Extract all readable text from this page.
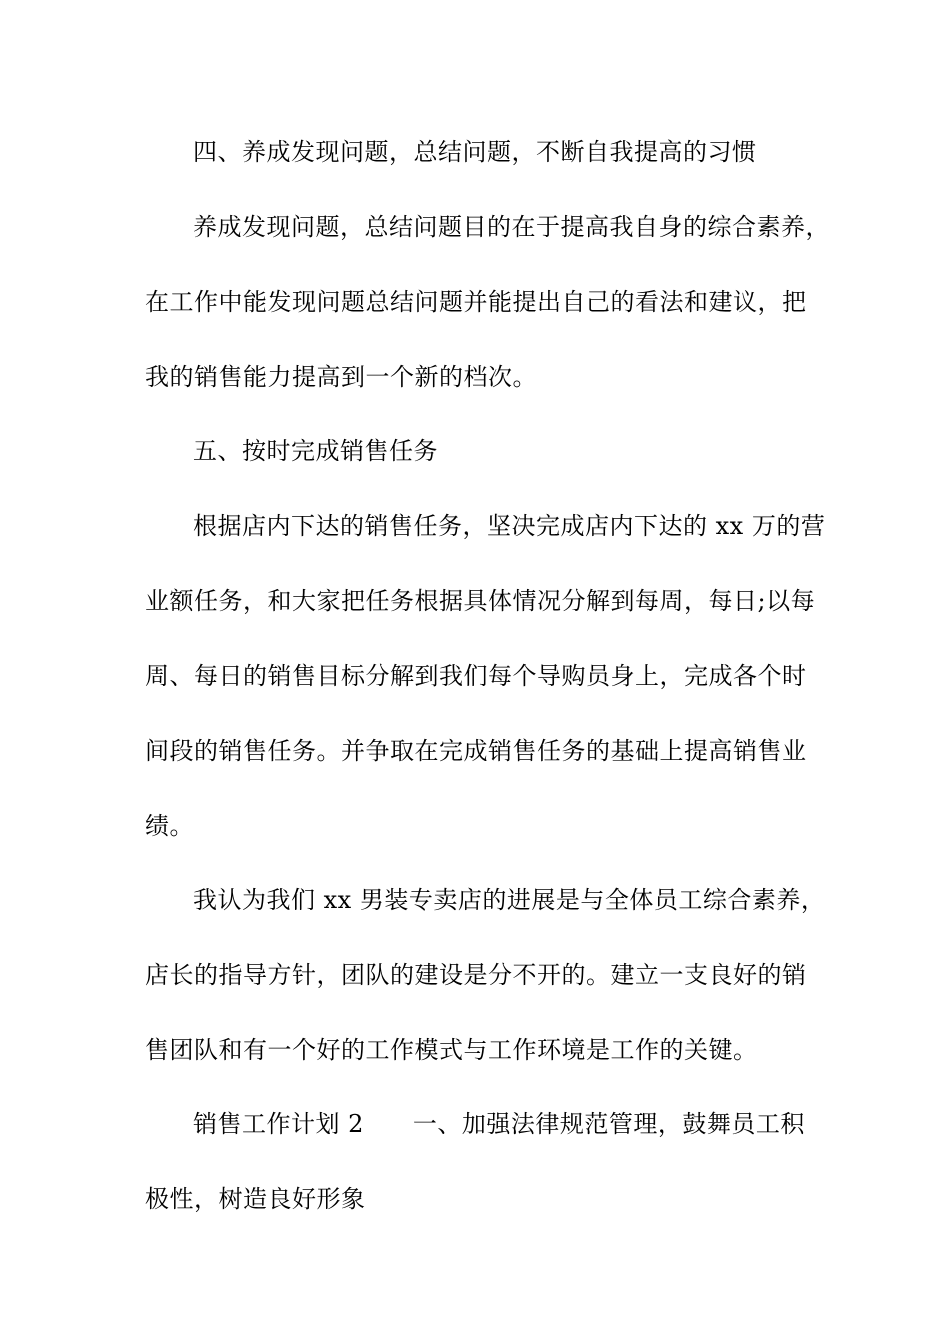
四、养成发现问题，总结问题，不断自我提高的习惯
养成发现问题，总结问题目的在于提高我自身的综合素养，
在工作中能发现问题总结问题并能提出自己的看法和建议，把
我的销售能力提高到一个新的档次。
五、按时完成销售任务
根据店内下达的销售任务，坚决完成店内下达的 xx 万的营
业额任务，和大家把任务根据具体情况分解到每周，每日;以每
周、每日的销售目标分解到我们每个导购员身上，完成各个时
间段的销售任务。并争取在完成销售任务的基础上提高销售业
绩。
我认为我们 xx 男装专卖店的进展是与全体员工综合素养，
店长的指导方针，团队的建设是分不开的。建立一支良好的销
售团队和有一个好的工作模式与工作环境是工作的关键。
销售工作计划 2　　一、加强法律规范管理，鼓舞员工积
极性，树造良好形象
